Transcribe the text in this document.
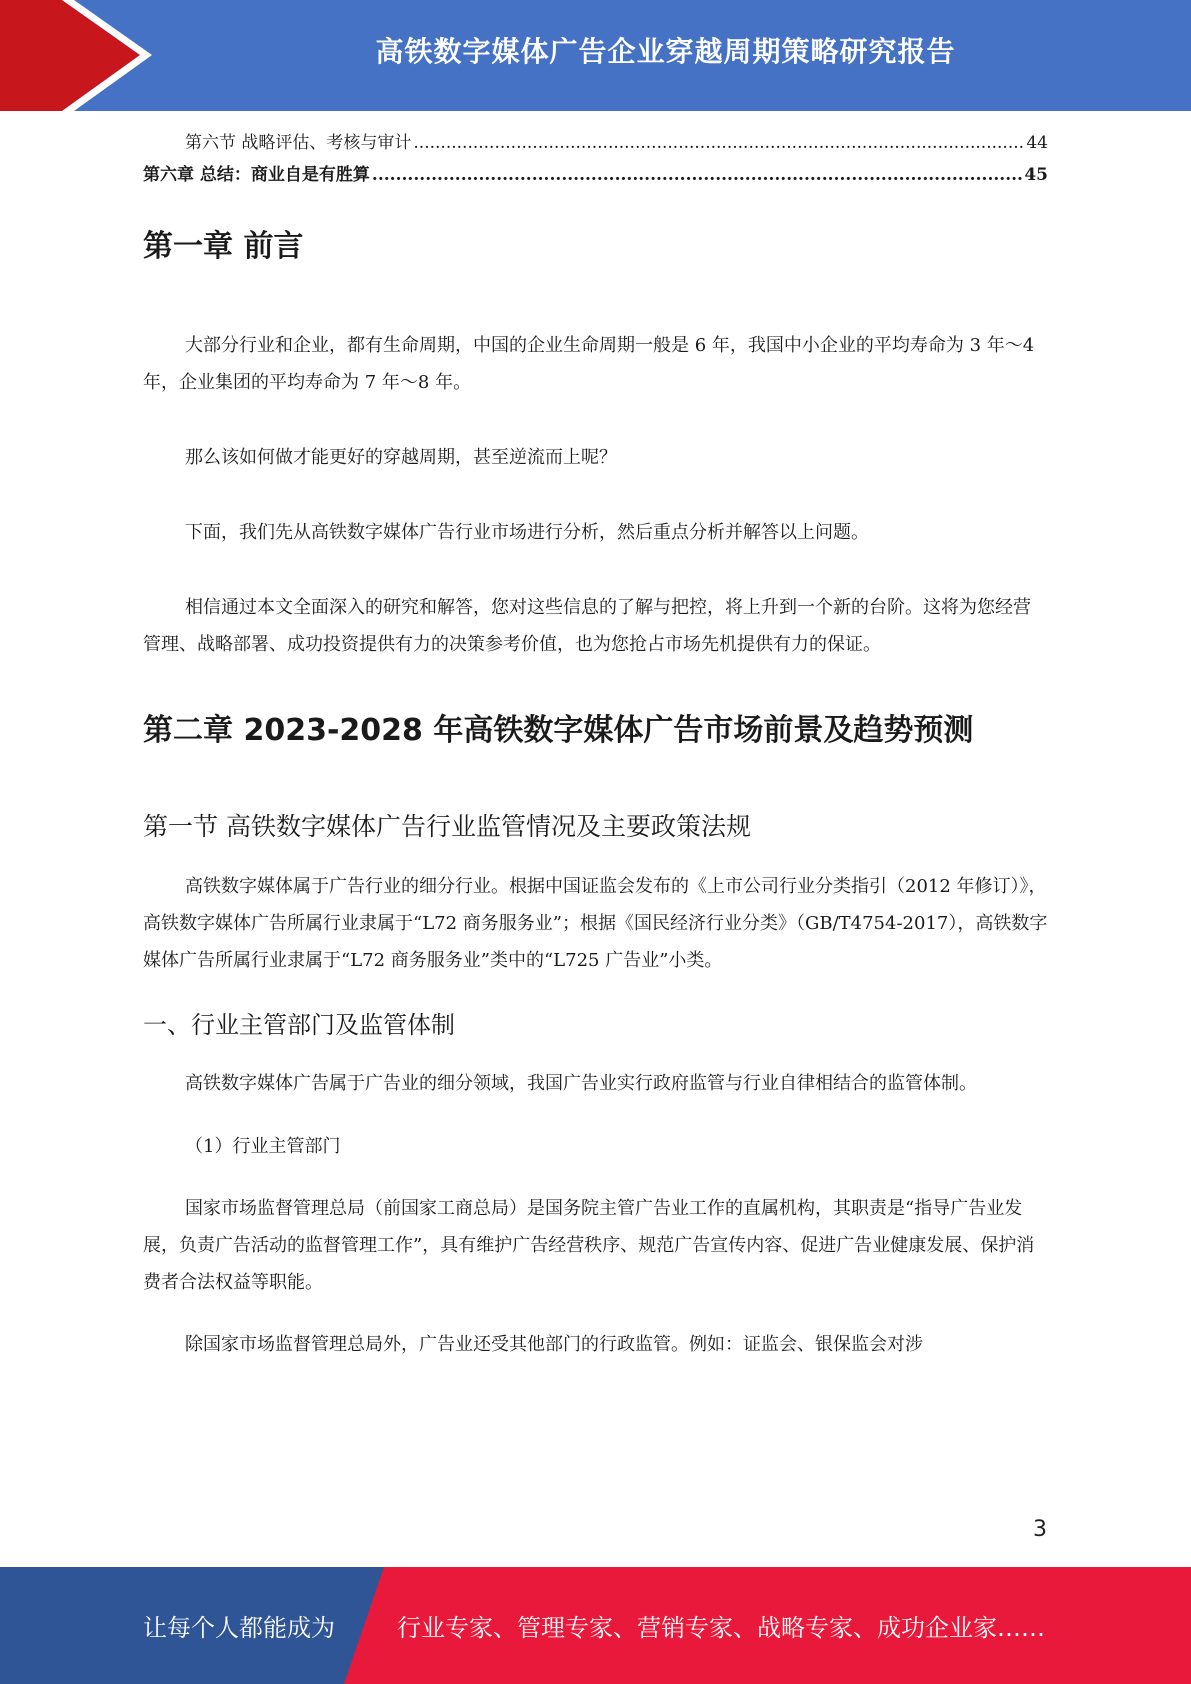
高铁数字媒体广告企业穿越周期策略研究报告
第六节 战略评估、考核与审计 .....	44
第六章 总结：商业自是有胜算 .....	45
第一章 前言

大部分行业和企业，都有生命周期，中国的企业生命周期一般是 6 年，我国中小企业的平均寿命为 3 年～4 年，企业集团的平均寿命为 7 年～8 年。

那么该如何做才能更好的穿越周期，甚至逆流而上呢？

下面，我们先从高铁数字媒体广告行业市场进行分析，然后重点分析并解答以上问题。

相信通过本文全面深入的研究和解答，您对这些信息的了解与把控，将上升到一个新的台阶。这将为您经营管理、战略部署、成功投资提供有力的决策参考价值，也为您抢占市场先机提供有力的保证。

第二章 2023-2028 年高铁数字媒体广告市场前景及趋势预测
第一节 高铁数字媒体广告行业监管情况及主要政策法规

高铁数字媒体属于广告行业的细分行业。根据中国证监会发布的《上市公司行业分类指引（2012 年修订）》，高铁数字媒体广告所属行业隶属于“L72 商务服务业”；根据《国民经济行业分类》（GB/T4754-2017），高铁数字媒体广告所属行业隶属于“L72 商务服务业”类中的“L725 广告业”小类。

一、行业主管部门及监管体制

高铁数字媒体广告属于广告业的细分领域，我国广告业实行政府监管与行业自律相结合的监管体制。

（1）行业主管部门

国家市场监督管理总局（前国家工商总局）是国务院主管广告业工作的直属机构，其职责是“指导广告业发展，负责广告活动的监督管理工作”，具有维护广告经营秩序、规范广告宣传内容、促进广告业健康发展、保护消费者合法权益等职能。

除国家市场监督管理总局外，广告业还受其他部门的行政监管。例如：证监会、银保监会对涉

3
让每个人都能成为	行业专家、管理专家、营销专家、战略专家、成功企业家……
